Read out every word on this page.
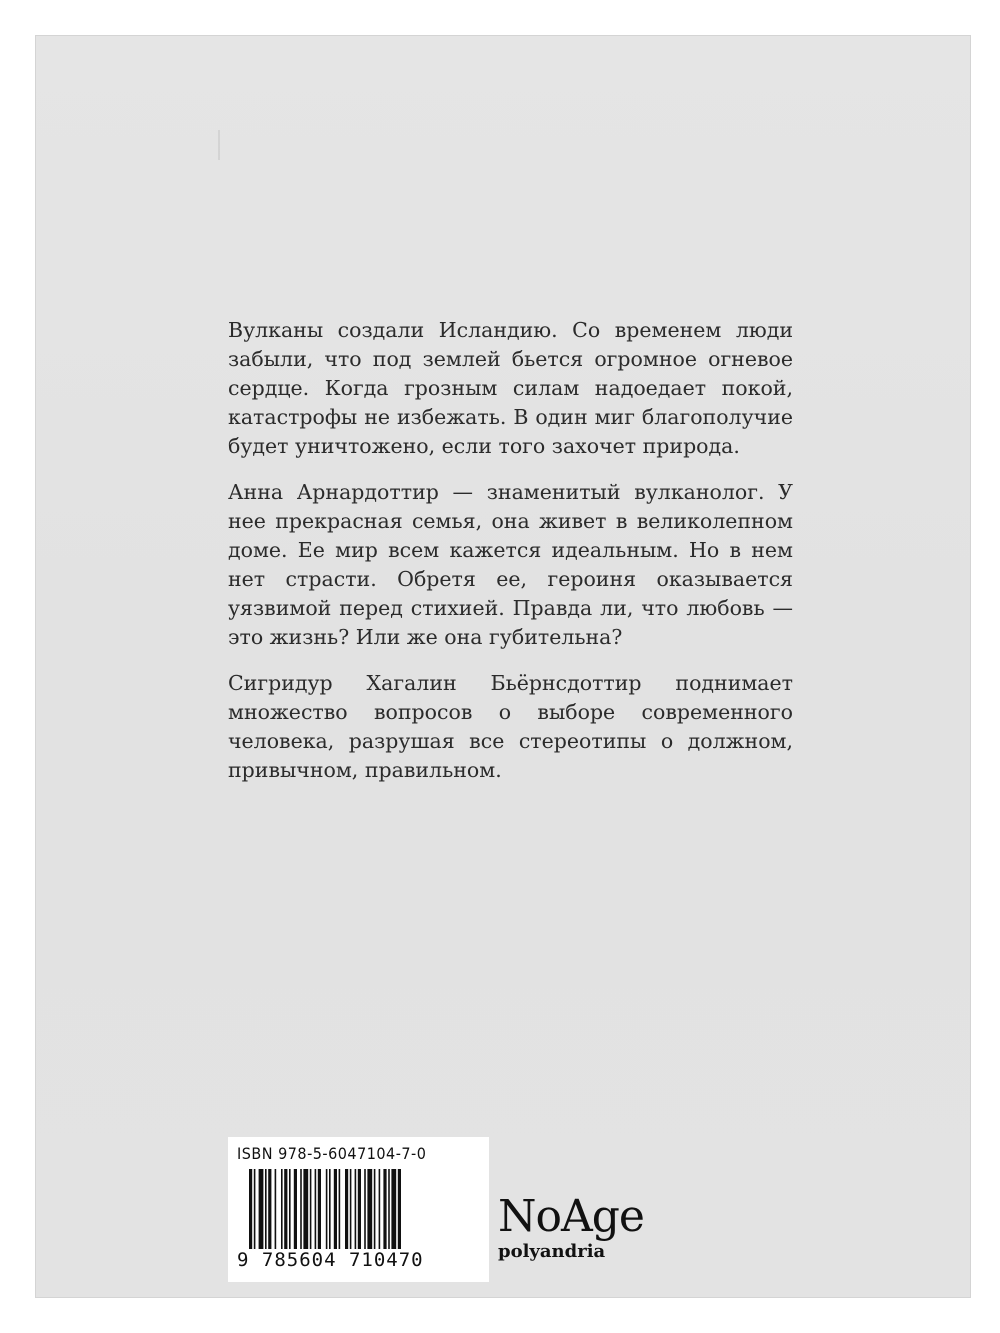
Вулканы создали Исландию. Со временем люди забыли, что под землей бьется огромное огневое сердце. Когда грозным силам надоедает покой, катастрофы не избежать. В один миг благополучие будет уничтожено, если того захочет природа.

Анна Арнардоттир — знаменитый вулканолог. У нее прекрасная семья, она живет в великолепном доме. Ее мир всем кажется идеальным. Но в нем нет страсти. Обретя ее, героиня оказывается уязвимой перед стихией. Правда ли, что любовь — это жизнь? Или же она губительна?

Сигридур Хагалин Бьёрнсдоттир поднимает множество вопросов о выборе современного человека, разрушая все стереотипы о должном, привычном, правильном.

ISBN 978-5-6047104-7-0
9 785604 710470
NoAge
polyandria
